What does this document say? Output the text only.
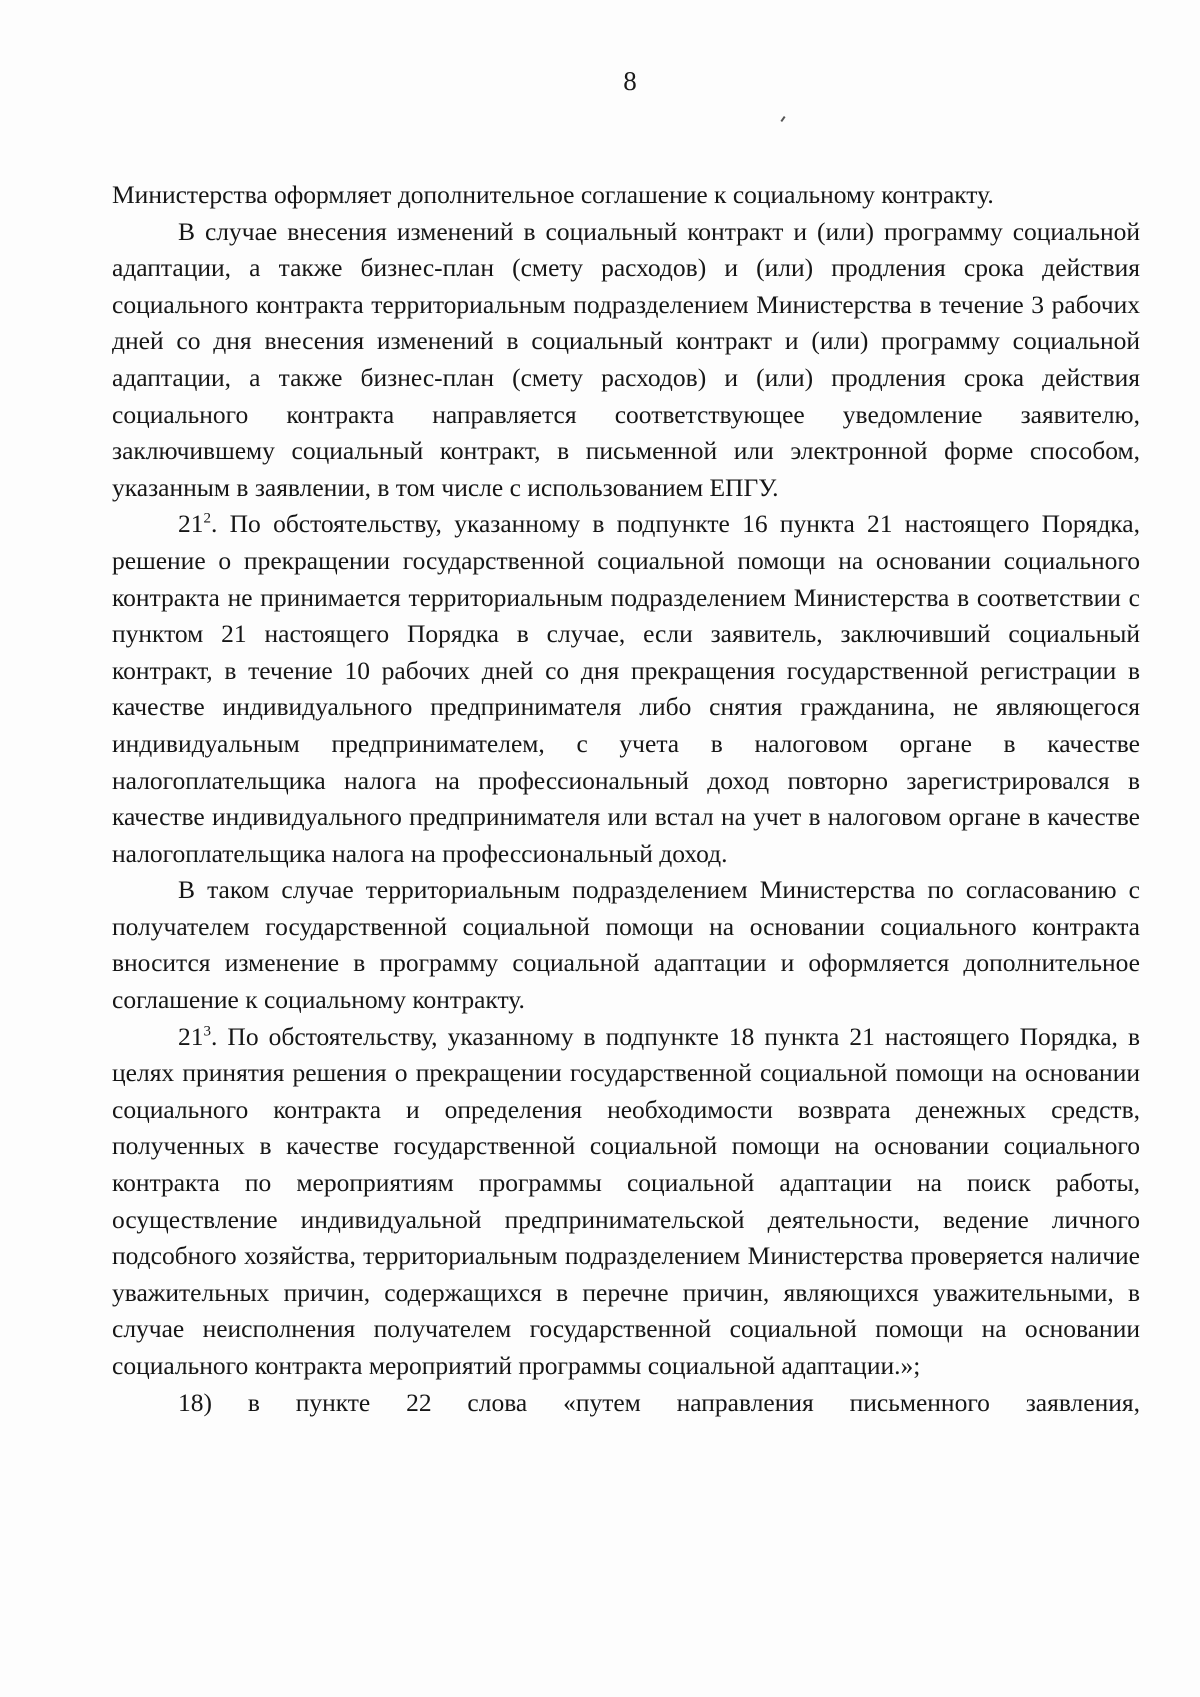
8

Министерства оформляет дополнительное соглашение к социальному контракту.

В случае внесения изменений в социальный контракт и (или) программу социальной адаптации, а также бизнес-план (смету расходов) и (или) продления срока действия социального контракта территориальным подразделением Министерства в течение 3 рабочих дней со дня внесения изменений в социальный контракт и (или) программу социальной адаптации, а также бизнес-план (смету расходов) и (или) продления срока действия социального контракта направляется соответствующее уведомление заявителю, заключившему социальный контракт, в письменной или электронной форме способом, указанным в заявлении, в том числе с использованием ЕПГУ.

$21^2$. По обстоятельству, указанному в подпункте 16 пункта 21 настоящего Порядка, решение о прекращении государственной социальной помощи на основании социального контракта не принимается территориальным подразделением Министерства в соответствии с пунктом 21 настоящего Порядка в случае, если заявитель, заключивший социальный контракт, в течение 10 рабочих дней со дня прекращения государственной регистрации в качестве индивидуального предпринимателя либо снятия гражданина, не являющегося индивидуальным предпринимателем, с учета в налоговом органе в качестве налогоплательщика налога на профессиональный доход повторно зарегистрировался в качестве индивидуального предпринимателя или встал на учет в налоговом органе в качестве налогоплательщика налога на профессиональный доход.

В таком случае территориальным подразделением Министерства по согласованию с получателем государственной социальной помощи на основании социального контракта вносится изменение в программу социальной адаптации и оформляется дополнительное соглашение к социальному контракту.

$21^3$. По обстоятельству, указанному в подпункте 18 пункта 21 настоящего Порядка, в целях принятия решения о прекращении государственной социальной помощи на основании социального контракта и определения необходимости возврата денежных средств, полученных в качестве государственной социальной помощи на основании социального контракта по мероприятиям программы социальной адаптации на поиск работы, осуществление индивидуальной предпринимательской деятельности, ведение личного подсобного хозяйства, территориальным подразделением Министерства проверяется наличие уважительных причин, содержащихся в перечне причин, являющихся уважительными, в случае неисполнения получателем государственной социальной помощи на основании социального контракта мероприятий программы социальной адаптации.»;

18) в пункте 22 слова «путем направления письменного заявления,
